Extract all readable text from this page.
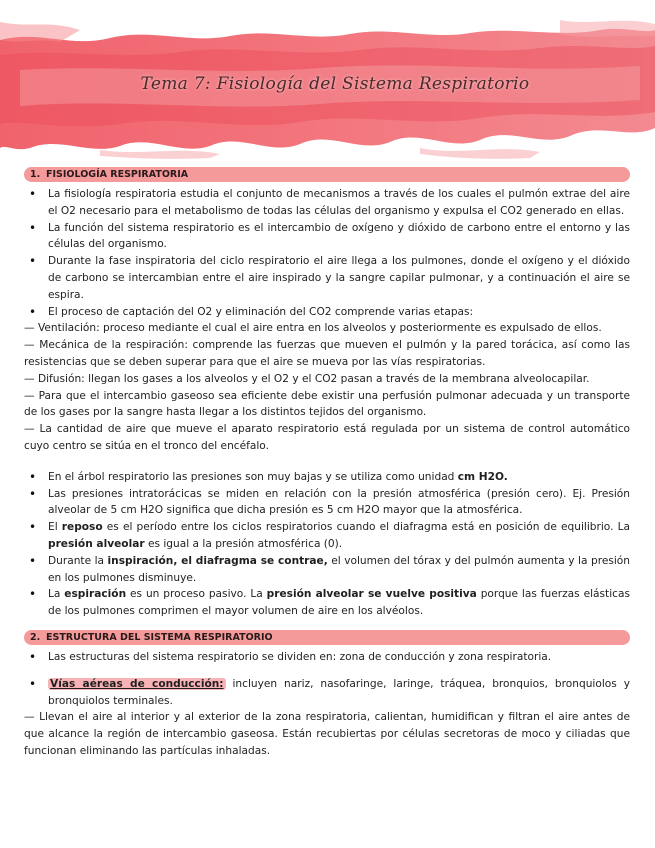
Tema 7: Fisiología del Sistema Respiratorio
1. FISIOLOGÍA RESPIRATORIA
• La fisiología respiratoria estudia el conjunto de mecanismos a través de los cuales el pulmón extrae del aire el O2 necesario para el metabolismo de todas las células del organismo y expulsa el CO2 generado en ellas.
• La función del sistema respiratorio es el intercambio de oxígeno y dióxido de carbono entre el entorno y las células del organismo.
• Durante la fase inspiratoria del ciclo respiratorio el aire llega a los pulmones, donde el oxígeno y el dióxido de carbono se intercambian entre el aire inspirado y la sangre capilar pulmonar, y a continuación el aire se espira.
• El proceso de captación del O2 y eliminación del CO2 comprende varias etapas:

— Ventilación: proceso mediante el cual el aire entra en los alveolos y posteriormente es expulsado de ellos.

— Mecánica de la respiración: comprende las fuerzas que mueven el pulmón y la pared torácica, así como las resistencias que se deben superar para que el aire se mueva por las vías respiratorias.

— Difusión: llegan los gases a los alveolos y el O2 y el CO2 pasan a través de la membrana alveolocapilar.

— Para que el intercambio gaseoso sea eficiente debe existir una perfusión pulmonar adecuada y un transporte de los gases por la sangre hasta llegar a los distintos tejidos del organismo.

— La cantidad de aire que mueve el aparato respiratorio está regulada por un sistema de control automático cuyo centro se sitúa en el tronco del encéfalo.

• En el árbol respiratorio las presiones son muy bajas y se utiliza como unidad cm H2O.
• Las presiones intratorácicas se miden en relación con la presión atmosférica (presión cero). Ej. Presión alveolar de 5 cm H2O significa que dicha presión es 5 cm H2O mayor que la atmosférica.
• El reposo es el período entre los ciclos respiratorios cuando el diafragma está en posición de equilibrio. La presión alveolar es igual a la presión atmosférica (0).
• Durante la inspiración, el diafragma se contrae, el volumen del tórax y del pulmón aumenta y la presión en los pulmones disminuye.
• La espiración es un proceso pasivo. La presión alveolar se vuelve positiva porque las fuerzas elásticas de los pulmones comprimen el mayor volumen de aire en los alvéolos.
2. ESTRUCTURA DEL SISTEMA RESPIRATORIO
• Las estructuras del sistema respiratorio se dividen en: zona de conducción y zona respiratoria.
• Vías aéreas de conducción: incluyen nariz, nasofaringe, laringe, tráquea, bronquios, bronquiolos y bronquiolos terminales.

— Llevan el aire al interior y al exterior de la zona respiratoria, calientan, humidifican y filtran el aire antes de que alcance la región de intercambio gaseosa. Están recubiertas por células secretoras de moco y ciliadas que funcionan eliminando las partículas inhaladas.
